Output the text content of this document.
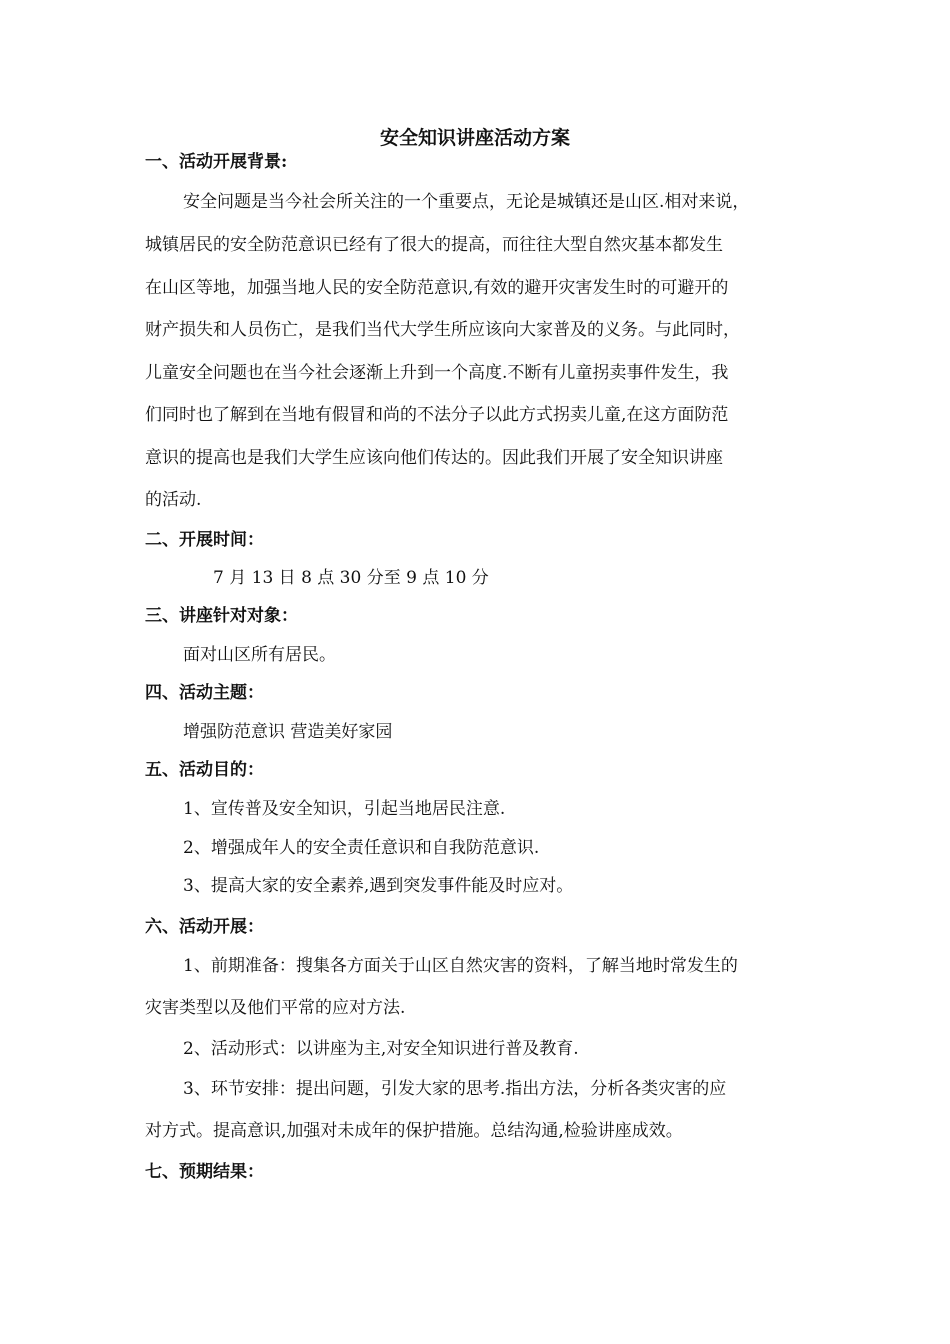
安全知识讲座活动方案
一、活动开展背景:
安全问题是当今社会所关注的一个重要点，无论是城镇还是山区.相对来说，
城镇居民的安全防范意识已经有了很大的提高，而往往大型自然灾基本都发生
在山区等地，加强当地人民的安全防范意识,有效的避开灾害发生时的可避开的
财产损失和人员伤亡，是我们当代大学生所应该向大家普及的义务。与此同时，
儿童安全问题也在当今社会逐渐上升到一个高度.不断有儿童拐卖事件发生，我
们同时也了解到在当地有假冒和尚的不法分子以此方式拐卖儿童,在这方面防范
意识的提高也是我们大学生应该向他们传达的。因此我们开展了安全知识讲座
的活动.
二、开展时间：
7 月 13 日 8 点 30 分至 9 点 10 分
三、讲座针对对象：
面对山区所有居民。
四、活动主题：
增强防范意识 营造美好家园
五、活动目的：
1、宣传普及安全知识，引起当地居民注意.
2、增强成年人的安全责任意识和自我防范意识.
3、提高大家的安全素养,遇到突发事件能及时应对。
六、活动开展：
1、前期准备：搜集各方面关于山区自然灾害的资料，了解当地时常发生的
灾害类型以及他们平常的应对方法.
2、活动形式：以讲座为主,对安全知识进行普及教育.
3、环节安排：提出问题，引发大家的思考.指出方法，分析各类灾害的应
对方式。提高意识,加强对未成年的保护措施。总结沟通,检验讲座成效。
七、预期结果：
